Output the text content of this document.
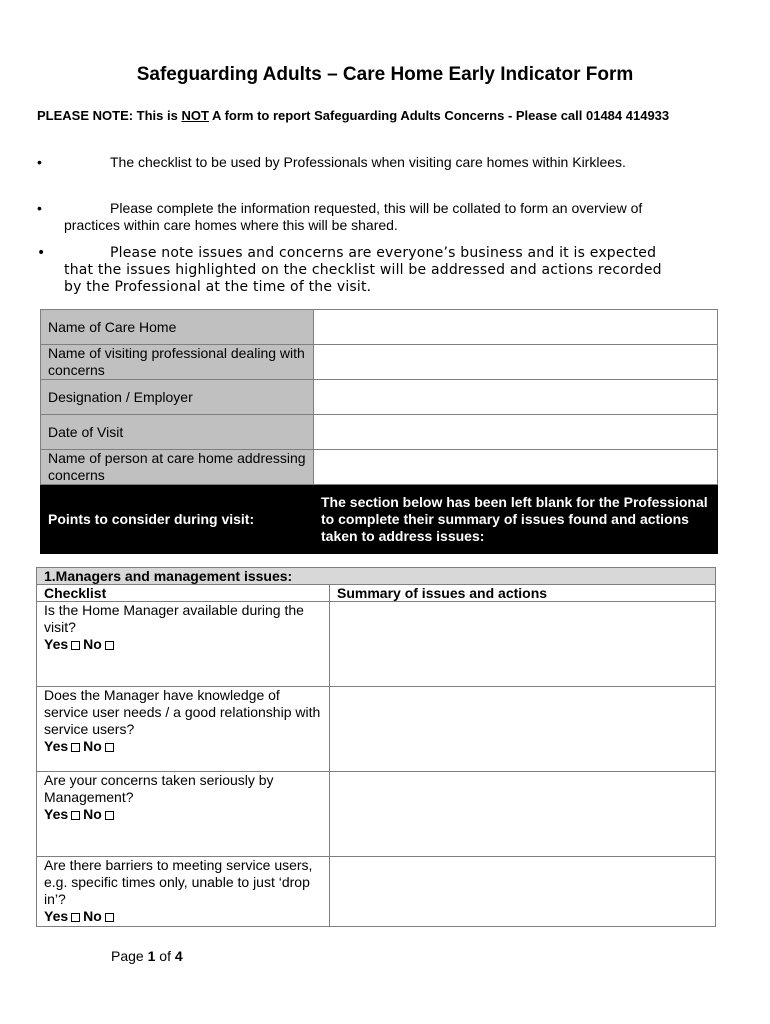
Safeguarding Adults – Care Home Early Indicator Form
PLEASE NOTE: This is NOT A form to report Safeguarding Adults Concerns - Please call 01484 414933
•	The checklist to be used by Professionals when visiting care homes within Kirklees.
•	Please complete the information requested, this will be collated to form an overview of practices within care homes where this will be shared.
•	Please note issues and concerns are everyone’s business and it is expected that the issues highlighted on the checklist will be addressed and actions recorded by the Professional at the time of the visit.
Name of Care Home	
Name of visiting professional dealing with concerns	
Designation / Employer	
Date of Visit	
Name of person at care home addressing concerns	
Points to consider during visit:	The section below has been left blank for the Professional to complete their summary of issues found and actions taken to address issues:
1.Managers and management issues:	
Checklist	Summary of issues and actions

Is the Home Manager available during the visit?
Yes No	

Does the Manager have knowledge of service user needs / a good relationship with service users?
Yes No	

Are your concerns taken seriously by Management?
Yes No	

Are there barriers to meeting service users, e.g. specific times only, unable to just ‘drop in’?
Yes No	

Page 1 of 4
